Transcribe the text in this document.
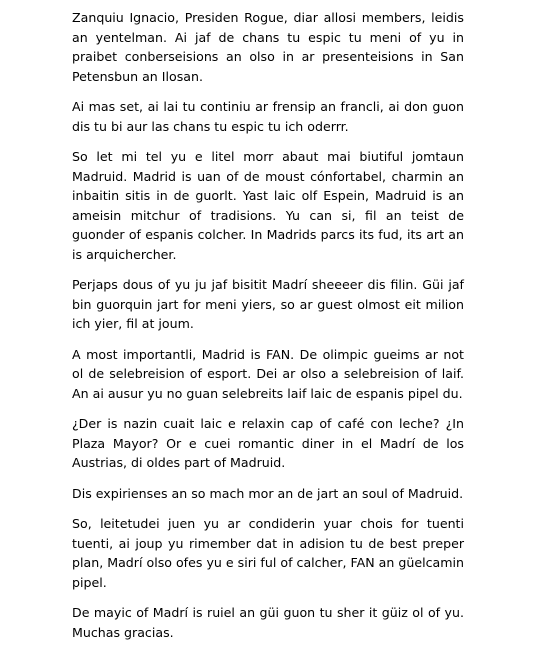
Zanquiu Ignacio, Presiden Rogue, diar allosi members, leidis an yentelman. Ai jaf de chans tu espic tu meni of yu in praibet conberseisions an olso in ar presenteisions in San Petensbun an Ilosan.

Ai mas set, ai lai tu continiu ar frensip an francli, ai don guon dis tu bi aur las chans tu espic tu ich oderrr.

So let mi tel yu e litel morr abaut mai biutiful jomtaun Madruid. Madrid is uan of de moust cónfortabel, charmin an inbaitin sitis in de guorlt. Yast laic olf Espein, Madruid is an ameisin mitchur of tradisions. Yu can si, fil an teist de guonder of espanis colcher. In Madrids parcs its fud, its art an is arquichercher.

Perjaps dous of yu ju jaf bisitit Madrí sheeeer dis filin. Güi jaf bin guorquin jart for meni yiers, so ar guest olmost eit milion ich yier, fil at joum.

A most importantli, Madrid is FAN. De olimpic gueims ar not ol de selebreision of esport. Dei ar olso a selebreision of laif. An ai ausur yu no guan selebreits laif laic de espanis pipel du.

¿Der is nazin cuait laic e relaxin cap of café con leche? ¿In Plaza Mayor? Or e cuei romantic diner in el Madrí de los Austrias, di oldes part of Madruid.

Dis expirienses an so mach mor an de jart an soul of Madruid.

So, leitetudei juen yu ar condiderin yuar chois for tuenti tuenti, ai joup yu rimember dat in adision tu de best preper plan, Madrí olso ofes yu e siri ful of calcher, FAN an güelcamin pipel.

De mayic of Madrí is ruiel an güi guon tu sher it güiz ol of yu. Muchas gracias.
